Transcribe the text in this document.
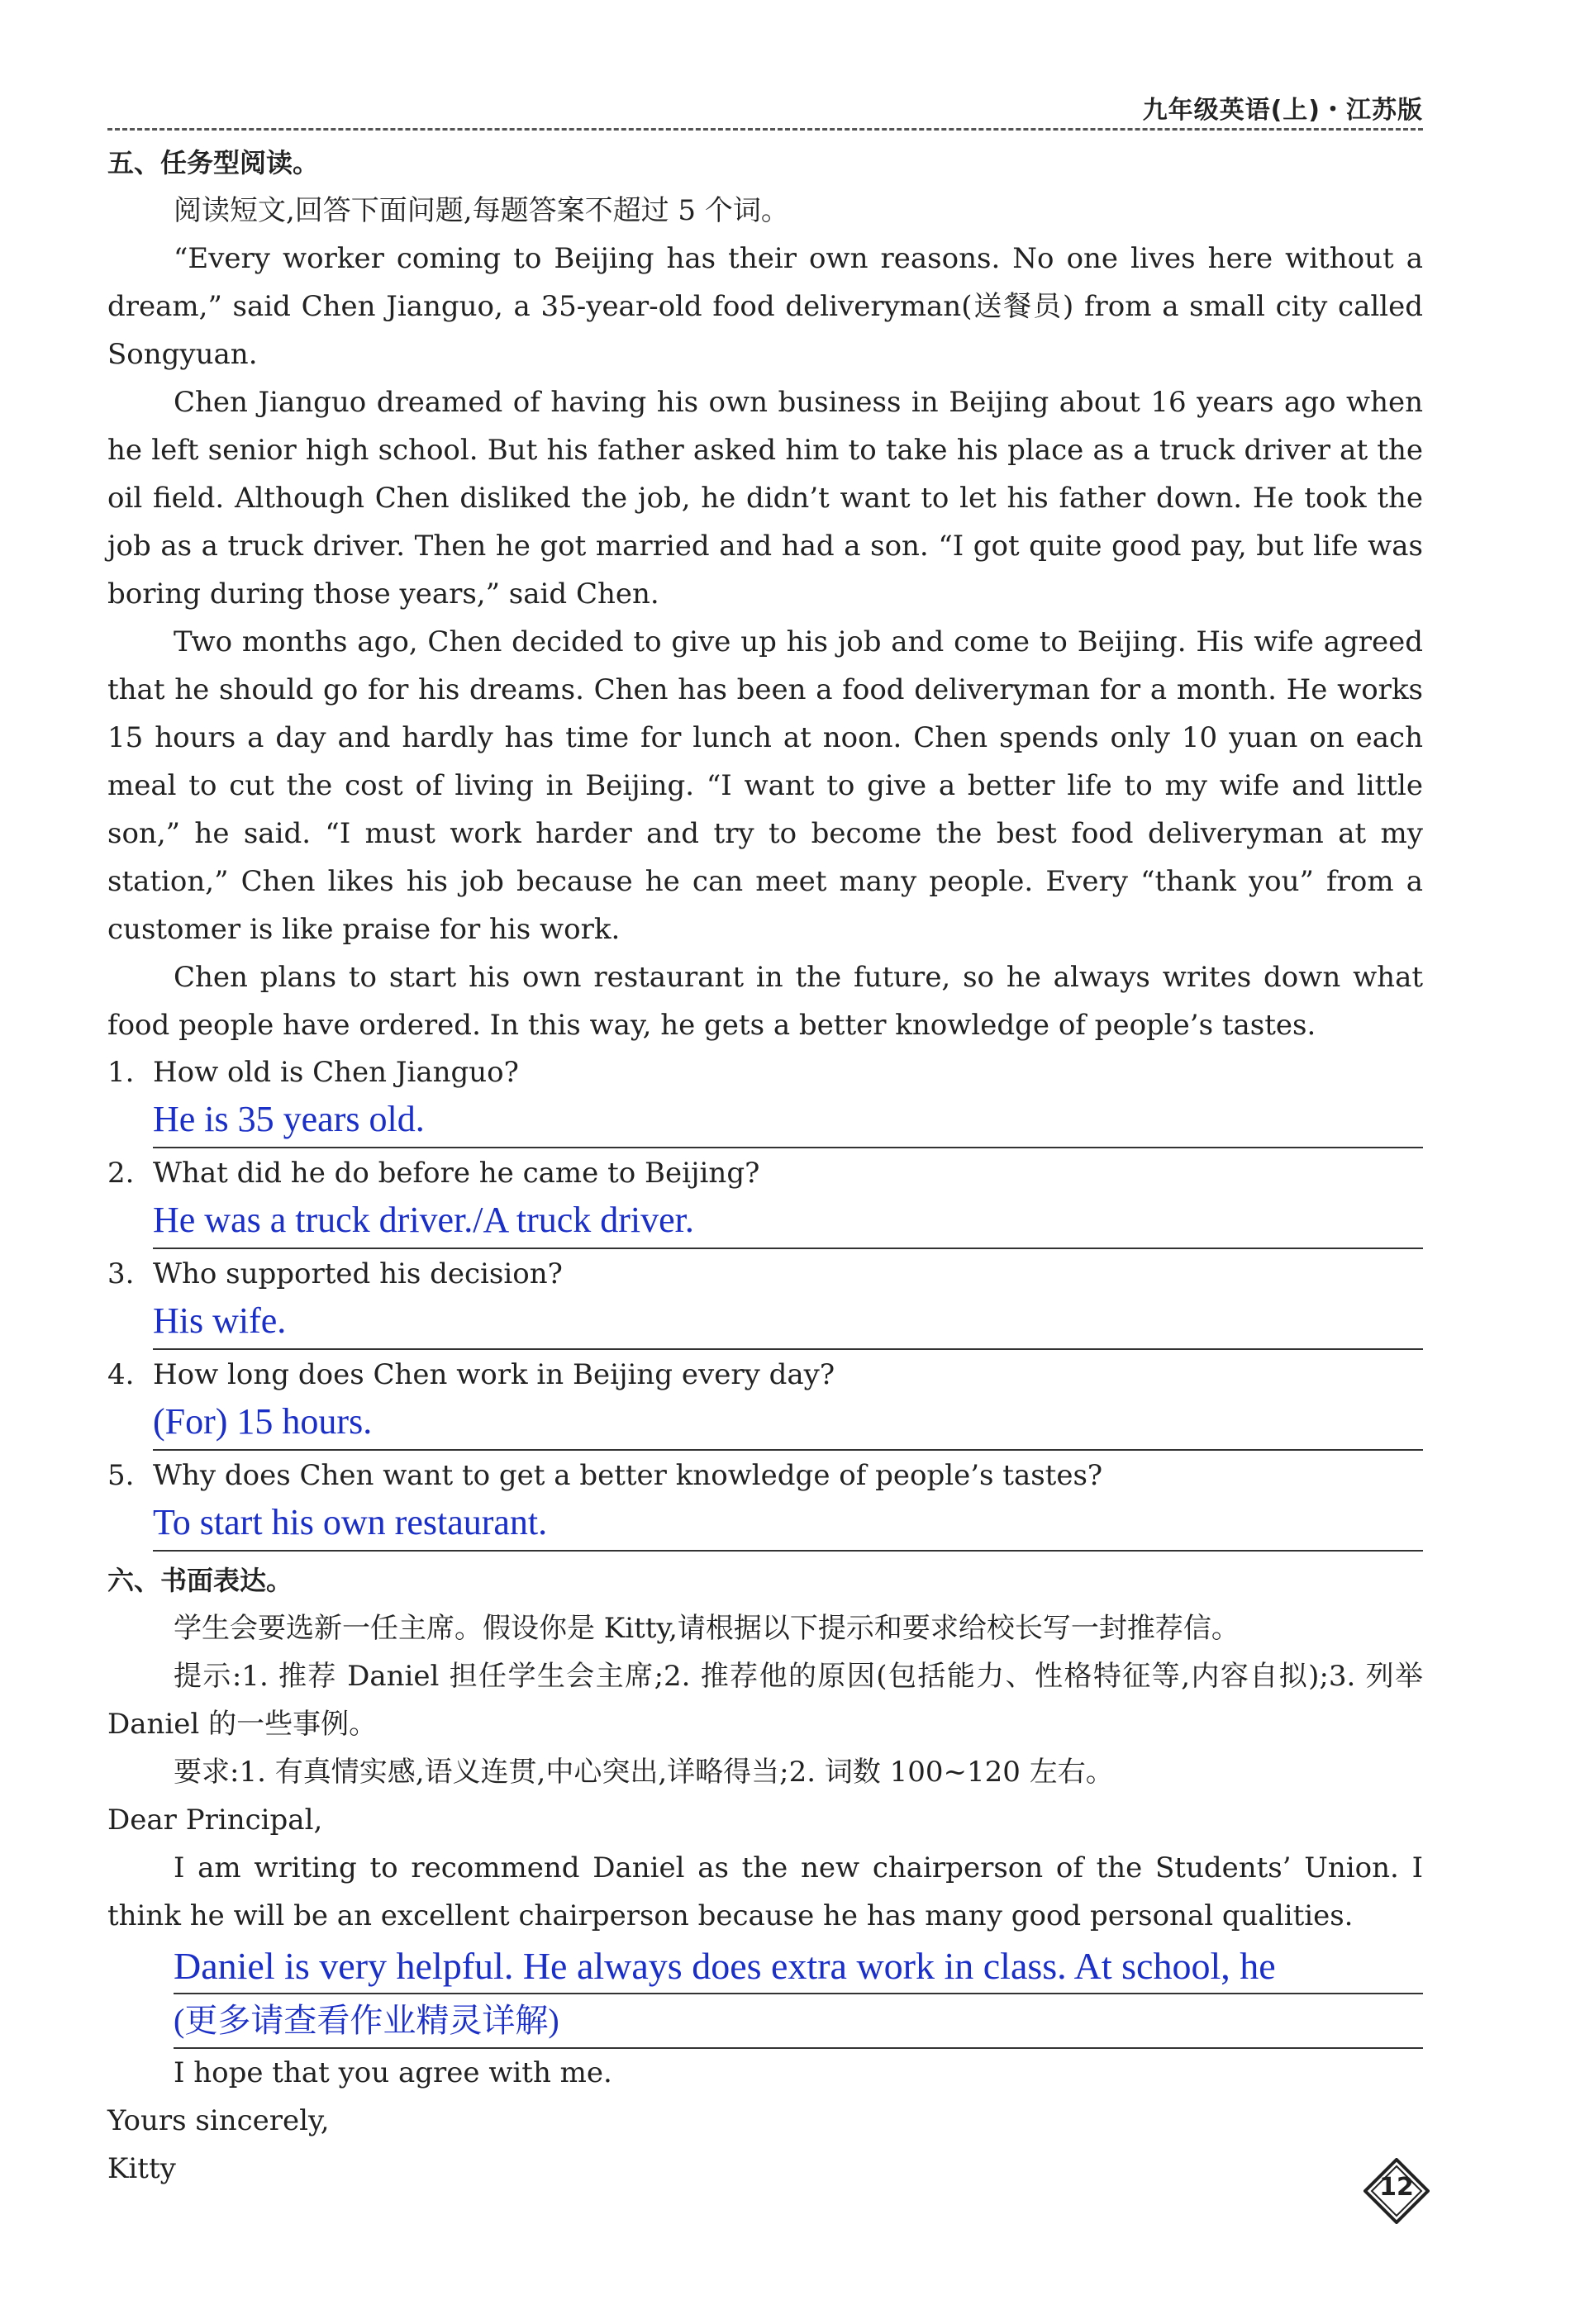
九年级英语(上)・江苏版
五、任务型阅读。

阅读短文,回答下面问题,每题答案不超过 5 个词。

“Every worker coming to Beijing has their own reasons. No one lives here without a dream,” said Chen Jianguo, a 35-year-old food deliveryman(送餐员) from a small city called Songyuan.

Chen Jianguo dreamed of having his own business in Beijing about 16 years ago when he left senior high school. But his father asked him to take his place as a truck driver at the oil field. Although Chen disliked the job, he didn’t want to let his father down. He took the job as a truck driver. Then he got married and had a son. “I got quite good pay, but life was boring during those years,” said Chen.

Two months ago, Chen decided to give up his job and come to Beijing. His wife agreed that he should go for his dreams. Chen has been a food deliveryman for a month. He works 15 hours a day and hardly has time for lunch at noon. Chen spends only 10 yuan on each meal to cut the cost of living in Beijing. “I want to give a better life to my wife and little son,” he said. “I must work harder and try to become the best food deliveryman at my station,” Chen likes his job because he can meet many people. Every “thank you” from a customer is like praise for his work.

Chen plans to start his own restaurant in the future, so he always writes down what food people have ordered. In this way, he gets a better knowledge of people’s tastes.

1. How old is Chen Jianguo?

He is 35 years old.

2. What did he do before he came to Beijing?

He was a truck driver./A truck driver.

3. Who supported his decision?

His wife.

4. How long does Chen work in Beijing every day?

(For) 15 hours.

5. Why does Chen want to get a better knowledge of people’s tastes?

To start his own restaurant.
六、书面表达。

学生会要选新一任主席。假设你是 Kitty,请根据以下提示和要求给校长写一封推荐信。

提示:1. 推荐 Daniel 担任学生会主席;2. 推荐他的原因(包括能力、性格特征等,内容自拟);3. 列举 Daniel 的一些事例。

要求:1. 有真情实感,语义连贯,中心突出,详略得当;2. 词数 100~120 左右。

Dear Principal,

I am writing to recommend Daniel as the new chairperson of the Students’ Union. I think he will be an excellent chairperson because he has many good personal qualities.

Daniel is very helpful. He always does extra work in class. At school, he
(更多请查看作业精灵详解)

I hope that you agree with me.

Yours sincerely,

Kitty

12
